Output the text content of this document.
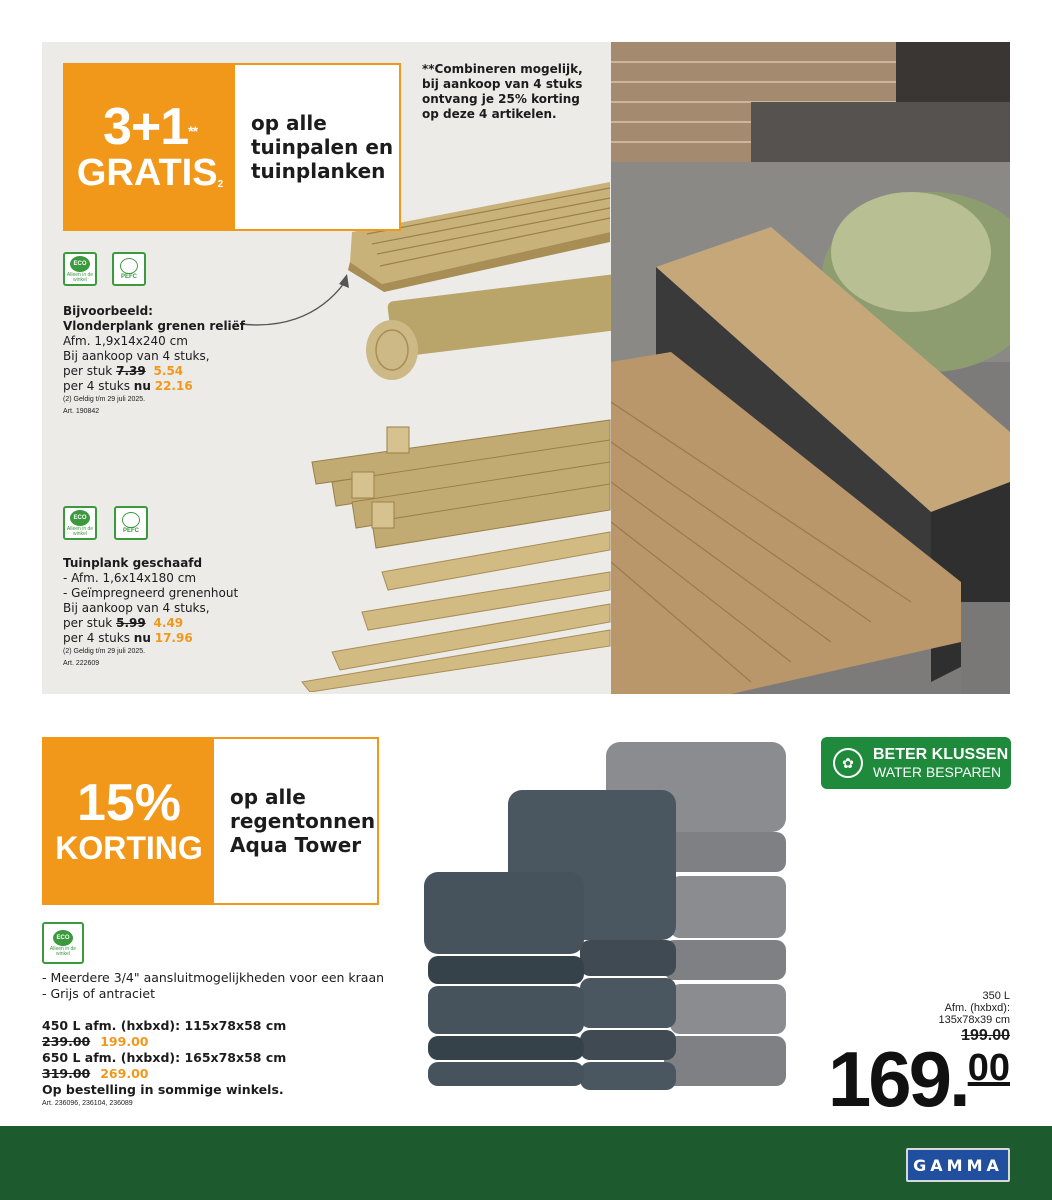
3+1**
GRATIS$^2$
op alle
tuinpalen en
tuinplanken
**Combineren mogelijk,
bij aankoop van 4 stuks
ontvang je 25% korting
op deze 4 artikelen.
ECO
Alleen in de winkel	PEFC
Bijvoorbeeld:
Vlonderplank grenen reliëf
Afm. 1,9x14x240 cm
Bij aankoop van 4 stuks,
per stuk 7.39 5.54
per 4 stuks nu 22.16
(2) Geldig t/m 29 juli 2025.
Art. 190842
ECO
Alleen in de winkel	PEFC
Tuinplank geschaafd
- Afm. 1,6x14x180 cm
- Geïmpregneerd grenenhout
Bij aankoop van 4 stuks,
per stuk 5.99 4.49
per 4 stuks nu 17.96
(2) Geldig t/m 29 juli 2025.
Art. 222609
15%
KORTING
op alle
regentonnen
Aqua Tower
ECO
Alleen in de winkel
- Meerdere 3/4" aansluitmogelijkheden voor een kraan
- Grijs of antraciet
450 L afm. (hxbxd): 115x78x58 cm
239.00 199.00
650 L afm. (hxbxd): 165x78x58 cm
319.00 269.00
Op bestelling in sommige winkels.
Art. 236096, 236104, 236089
✿	BETER KLUSSEN
WATER BESPAREN
350 L
Afm. (hxbxd):
135x78x39 cm
199.00
169. 00
GAMMA
